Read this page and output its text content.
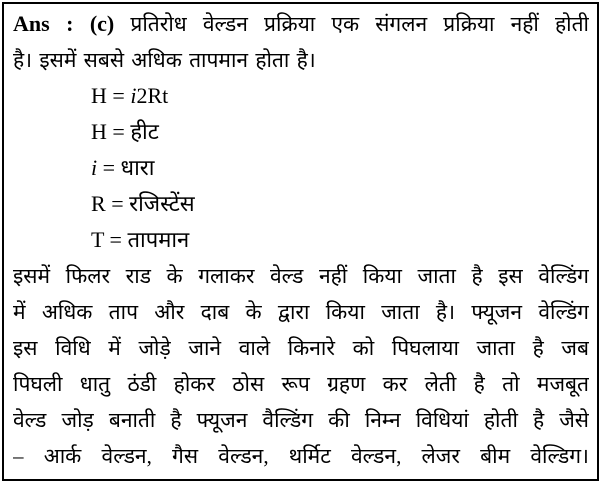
Ans : (c) प्रतिरोध वेल्डन प्रक्रिया एक संगलन प्रक्रिया नहीं होती
है। इसमें सबसे अधिक तापमान होता है।
H = i2Rt
H = हीट
i = धारा
R = रजिस्टेंस
T = तापमान
इसमें फिलर राड के गलाकर वेल्ड नहीं किया जाता है इस वेल्डिंग
में अधिक ताप और दाब के द्वारा किया जाता है। फ्यूजन वेल्डिंग
इस विधि में जोड़े जाने वाले किनारे को पिघलाया जाता है जब
पिघली धातु ठंडी होकर ठोस रूप ग्रहण कर लेती है तो मजबूत
वेल्ड जोड़ बनाती है फ्यूजन वैल्डिंग की निम्न विधियां होती है जैसे
– आर्क वेल्डन, गैस वेल्डन, थर्मिट वेल्डन, लेजर बीम वेल्डिग।
